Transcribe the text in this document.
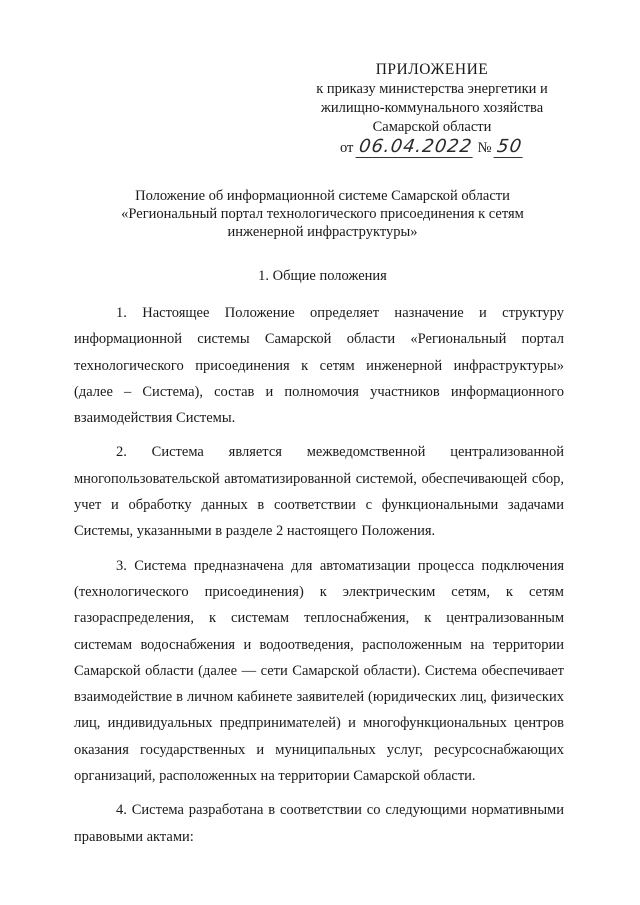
ПРИЛОЖЕНИЕ
к приказу министерства энергетики и
жилищно-коммунального хозяйства
Самарской области
от 06.04.2022 № 50
Положение об информационной системе Самарской области
«Региональный портал технологического присоединения к сетям
инженерной инфраструктуры»
1. Общие положения

1. Настоящее Положение определяет назначение и структуру информационной системы Самарской области «Региональный портал технологического присоединения к сетям инженерной инфраструктуры» (далее – Система), состав и полномочия участников информационного взаимодействия Системы.

2. Система является межведомственной централизованной многопользовательской автоматизированной системой, обеспечивающей сбор, учет и обработку данных в соответствии с функциональными задачами Системы, указанными в разделе 2 настоящего Положения.

3. Система предназначена для автоматизации процесса подключения (технологического присоединения) к электрическим сетям, к сетям газораспределения, к системам теплоснабжения, к централизованным системам водоснабжения и водоотведения, расположенным на территории Самарской области (далее — сети Самарской области). Система обеспечивает взаимодействие в личном кабинете заявителей (юридических лиц, физических лиц, индивидуальных предпринимателей) и многофункциональных центров оказания государственных и муниципальных услуг, ресурсоснабжающих организаций, расположенных на территории Самарской области.

4. Система разработана в соответствии со следующими нормативными правовыми актами:
